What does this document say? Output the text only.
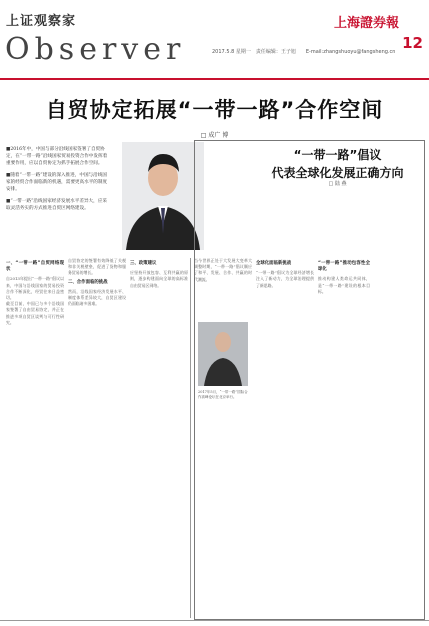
上证观察家
Observer
上海證券報
12
2017.5.8 星期一　责任编辑：王子旭　　E-mail:zhangshuoyu@fangsheng.cn
自贸协定拓展“一带一路”合作空间
□ 成广 博

■2016年中，中国与部分沿线国家签署了自贸协定，在“一带一路”沿线国家贸易投资合作中发挥着重要作用，应以自贸协定为抓手拓展合作空间。

■随着“一带一路”建设的深入推进，中国与沿线国家的经贸合作面临新的机遇，需要更高水平的制度安排。

■“一带一路”沿线国家经济发展水平差异大，应采取灵活务实的方式推进自贸区网络建设。

一、“一带一路”自贸网络现状
自2013年提出“一带一路”倡议以来，中国与沿线国家的贸易投资合作不断深化，经贸往来日益密切。
截至目前，中国已与多个沿线国家签署了自由贸易协定，并正在推进多项自贸区谈判与可行性研究。
自贸协定的签署有效降低了关税和非关税壁垒，促进了货物和服务贸易的增长。
二、合作面临的挑战
然而，沿线国家经济发展水平、制度体系差异较大，自贸区建设仍面临诸多困难。
三、政策建议
应坚持开放包容、互利共赢的原则，逐步构建面向全球的高标准自由贸易区网络。
“一带一路”倡议
代表全球化发展正确方向
□ 陆 燕
当今世界正处于大发展大变革大调整时期，“一带一路”倡议顺应了和平、发展、合作、共赢的时代潮流。
2017年5月，“一带一路”国际合作高峰论坛在北京举行。
全球化面临新挑战
“一带一路”倡议为全球经济增长注入了新动力，为全球治理提供了新思路。
“一带一路”推动包容性全球化
推动构建人类命运共同体，是“一带一路”建设的根本目标。
